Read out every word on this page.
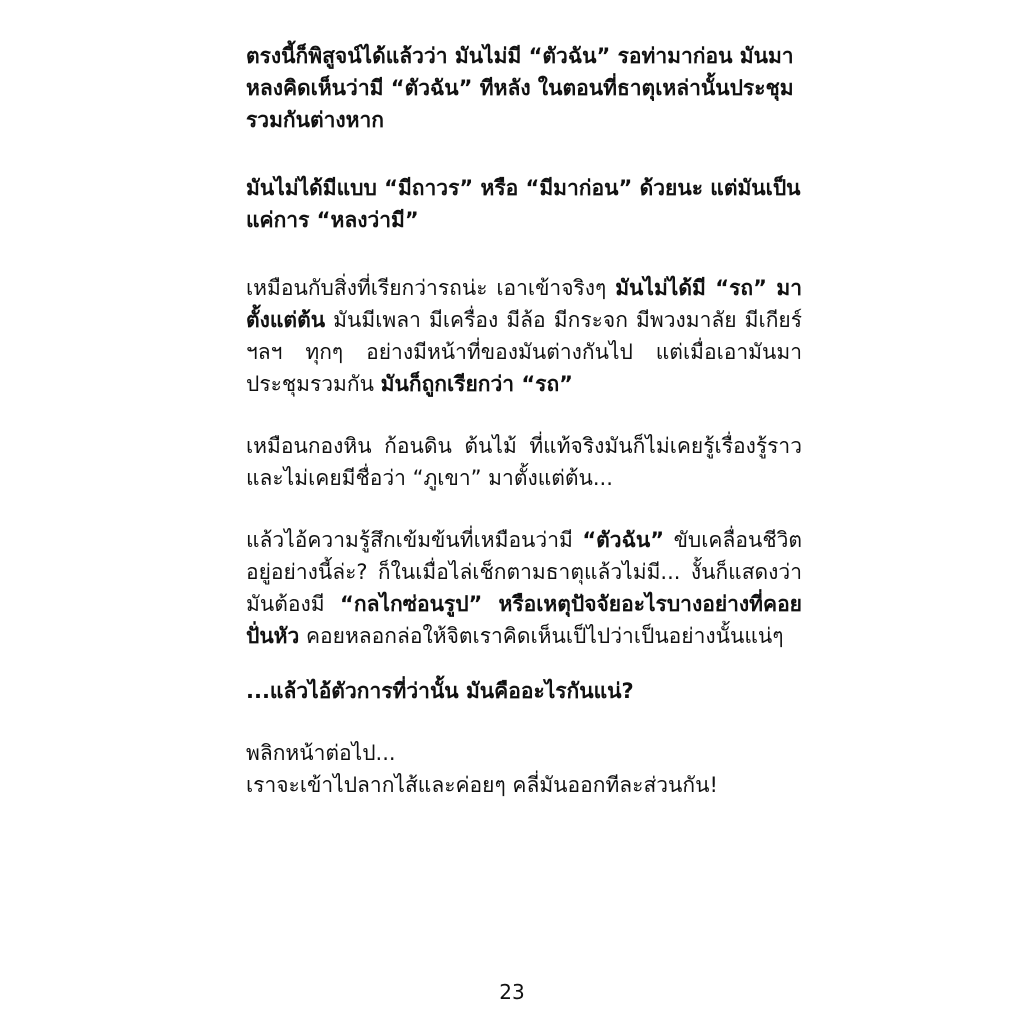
ตรงนี้ก็พิสูจน์ได้แล้วว่า มันไม่มี “ตัวฉัน” รอท่ามาก่อน มันมาหลงคิดเห็นว่ามี “ตัวฉัน” ทีหลัง ในตอนที่ธาตุเหล่านั้นประชุมรวมกันต่างหาก

มันไม่ได้มีแบบ “มีถาวร” หรือ “มีมาก่อน” ด้วยนะ แต่มันเป็นแค่การ “หลงว่ามี”

เหมือนกับสิ่งที่เรียกว่ารถน่ะ เอาเข้าจริงๆ มันไม่ได้มี “รถ” มาตั้งแต่ต้น มันมีเพลา มีเครื่อง มีล้อ มีกระจก มีพวงมาลัย มีเกียร์ ฯลฯ ทุกๆ อย่างมีหน้าที่ของมันต่างกันไป แต่เมื่อเอามันมาประชุมรวมกัน มันก็ถูกเรียกว่า “รถ”

เหมือนกองหิน ก้อนดิน ต้นไม้ ที่แท้จริงมันก็ไม่เคยรู้เรื่องรู้ราวและไม่เคยมีชื่อว่า “ภูเขา” มาตั้งแต่ต้น...

แล้วไอ้ความรู้สึกเข้มข้นที่เหมือนว่ามี “ตัวฉัน” ขับเคลื่อนชีวิตอยู่อย่างนี้ล่ะ? ก็ในเมื่อไล่เช็กตามธาตุแล้วไม่มี... งั้นก็แสดงว่า มันต้องมี “กลไกซ่อนรูป” หรือเหตุปัจจัยอะไรบางอย่างที่คอยปั่นหัว คอยหลอกล่อให้จิตเราคิดเห็นเป็ไปว่าเป็นอย่างนั้นแน่ๆ

...แล้วไอ้ตัวการที่ว่านั้น มันคืออะไรกันแน่?

พลิกหน้าต่อไป...
เราจะเข้าไปลากไส้และค่อยๆ คลี่มันออกทีละส่วนกัน!

23
